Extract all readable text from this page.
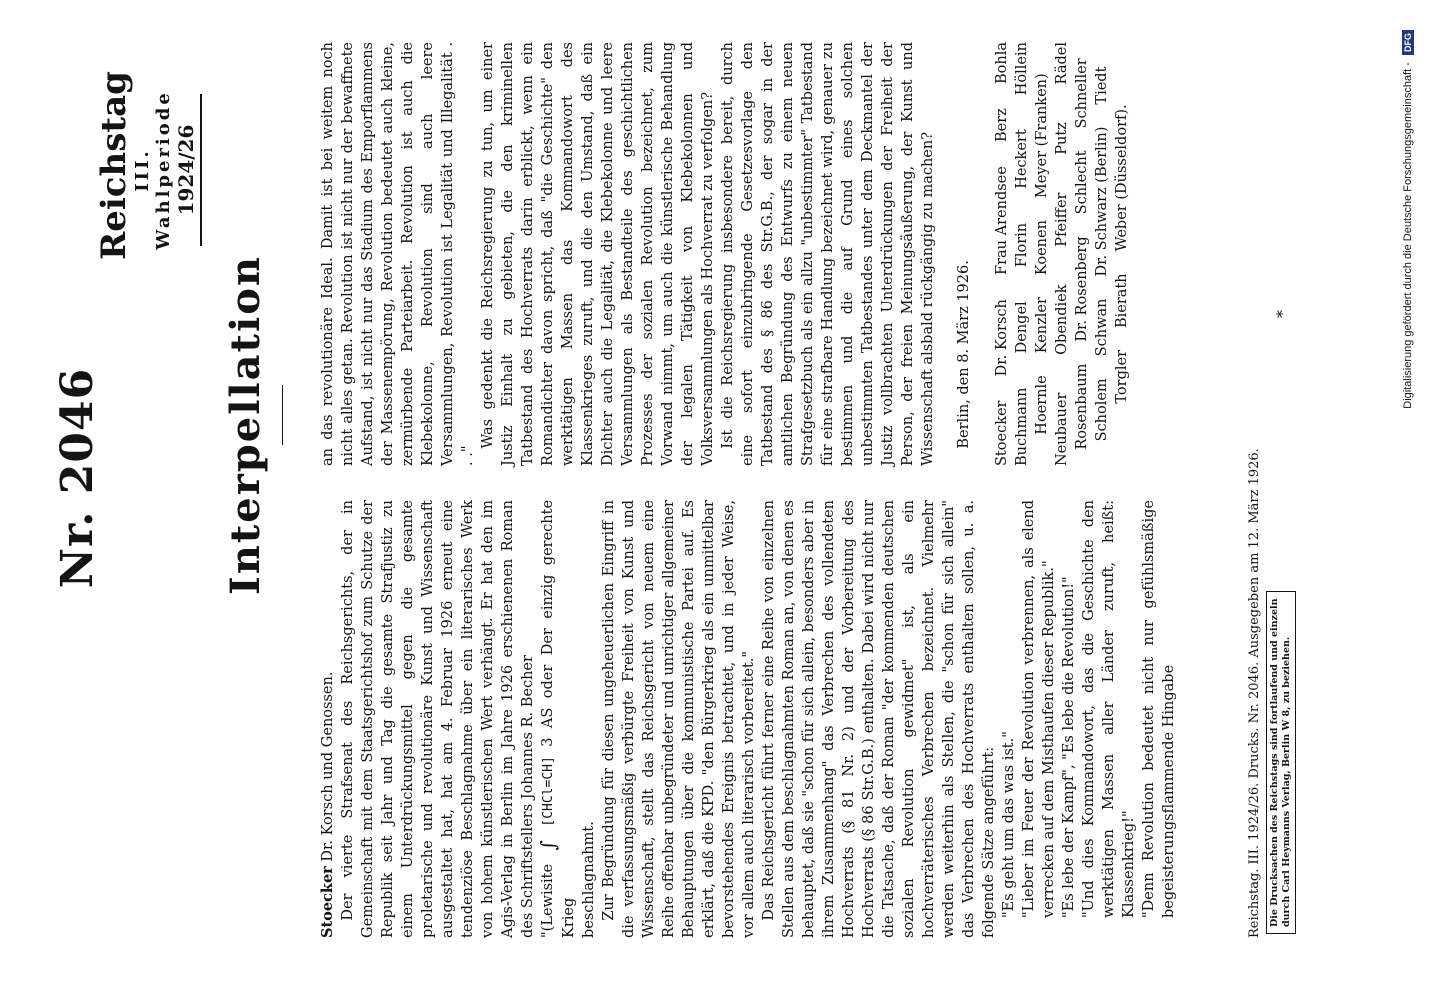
Nr. 2046
Reichstag
III. Wahlperiode 1924/26
Interpellation

Stoecker Dr. Korsch und Genossen. Der vierte Strafsenat des Reichsgerichts, der in Gemeinschaft mit dem Staatsgerichtshof zum Schutze der Republik seit Jahr und Tag die gesamte Strafjustiz zu einem Unterdrückungsmittel gegen die gesamte proletarische und revolutionäre Kunst und Wissenschaft ausgestaltet hat, hat am 4. Februar 1926 erneut eine tendenziöse Beschlagnahme über ein literarisches Werk von hohem künstlerischen Wert verhängt. Er hat den im Agis-Verlag in Berlin im Jahre 1926 erschienenen Roman des Schriftstellers Johannes R. Becher "(Lewisite ∫ [CHCl=CH] 3 AS oder Der einzig gerechte Krieg beschlagnahmt. Zur Begründung für diesen ungeheuerlichen Eingriff in die verfassungsmäßig verbürgte Freiheit von Kunst und Wissenschaft, stellt das Reichsgericht von neuem eine Reihe offenbar unbegründeter und unrichtiger allgemeiner Behauptungen über die kommunistische Partei auf. Es erklärt, daß die KPD. "den Bürgerkrieg als ein unmittelbar bevorstehendes Ereignis betrachtet, und in jeder Weise, vor allem auch literarisch vorbereitet." Das Reichsgericht führt ferner eine Reihe von einzelnen Stellen aus dem beschlagnahmten Roman an, von denen es behauptet, daß sie "schon für sich allein, besonders aber in ihrem Zusammenhang" das Verbrechen des vollendeten Hochverrats (§ 81 Nr. 2) und der Vorbereitung des Hochverrats (§ 86 Str.G.B.) enthalten. Dabei wird nicht nur die Tatsache, daß der Roman "der kommenden deutschen sozialen Revolution gewidmet" ist, als ein hochverräterisches Verbrechen bezeichnet. Vielmehr werden weiterhin als Stellen, die "schon für sich allein" das Verbrechen des Hochverrats enthalten sollen, u. a. folgende Sätze angeführt: "Es geht um das was ist." "Lieber im Feuer der Revolution verbrennen, als elend verrecken auf dem Misthaufen dieser Republik." "Es lebe der Kampf", "Es lebe die Revolution!" "Und dies Kommandowort, das die Geschichte den werktätigen Massen aller Länder zuruft, heißt: Klassenkrieg!" "Denn Revolution bedeutet nicht nur gefühlsmäßige begeisterungsflammende Hingabe

an das revolutionäre Ideal. Damit ist bei weitem noch nicht alles getan. Revolution ist nicht nur der bewaffnete Aufstand, ist nicht nur das Stadium des Emporflammens der Massenempörung, Revolution bedeutet auch kleine, zermürbende Parteiarbeit. Revolution ist auch die Klebekolonne, Revolution sind auch leere Versammlungen, Revolution ist Legalität und Illegalität . . ."

Was gedenkt die Reichsregierung zu tun, um einer Justiz Einhalt zu gebieten, die den kriminellen Tatbestand des Hochverrats darin erblickt, wenn ein Romandichter davon spricht, daß "die Geschichte" den werktätigen Massen das Kommandowort des Klassenkrieges zuruft, und die den Umstand, daß ein Dichter auch die Legalität, die Klebekolonne und leere Versammlungen als Bestandteile des geschichtlichen Prozesses der sozialen Revolution bezeichnet, zum Vorwand nimmt, um auch die künstlerische Behandlung der legalen Tätigkeit von Klebekolonnen und Volksversammlungen als Hochverrat zu verfolgen? Ist die Reichsregierung insbesondere bereit, durch eine sofort einzubringende Gesetzesvorlage den Tatbestand des § 86 des Str.G.B., der sogar in der amtlichen Begründung des Entwurfs zu einem neuen Strafgesetzbuch als ein allzu "unbestimmter" Tatbestand für eine strafbare Handlung bezeichnet wird, genauer zu bestimmen und die auf Grund eines solchen unbestimmten Tatbestandes unter dem Deckmantel der Justiz vollbrachten Unterdrückungen der Freiheit der Person, der freien Meinungsäußerung, der Kunst und Wissenschaft alsbald rückgängig zu machen? Berlin, den 8. März 1926. Stoecker
Dr. Korsch
Frau Arendsee
Berz
Bohla
Buchmann
Dengel
Florin
Heckert
Höllein
Hoernle
Kenzler
Koenen
Meyer (Franken)
Neubauer
Obendiek
Pfeiffer
Putz
Rädel
Rosenbaum
Dr. Rosenberg
Schlecht
Schneller
Scholem
Schwan
Dr. Schwarz (Berlin)
Tiedt
Torgler
Bierath
Weber (Düsseldorf).
Reichstag. III. 1924/26. Drucks. Nr. 2046. Ausgegeben am 12. März 1926. Die Drucksachen des Reichstags sind fortlaufend und einzeln durch Carl Heymanns Verlag, Berlin W 8, zu beziehen.
*	Digitalisierung gefördert durch die Deutsche Forschungsgemeinschaft - DFG
